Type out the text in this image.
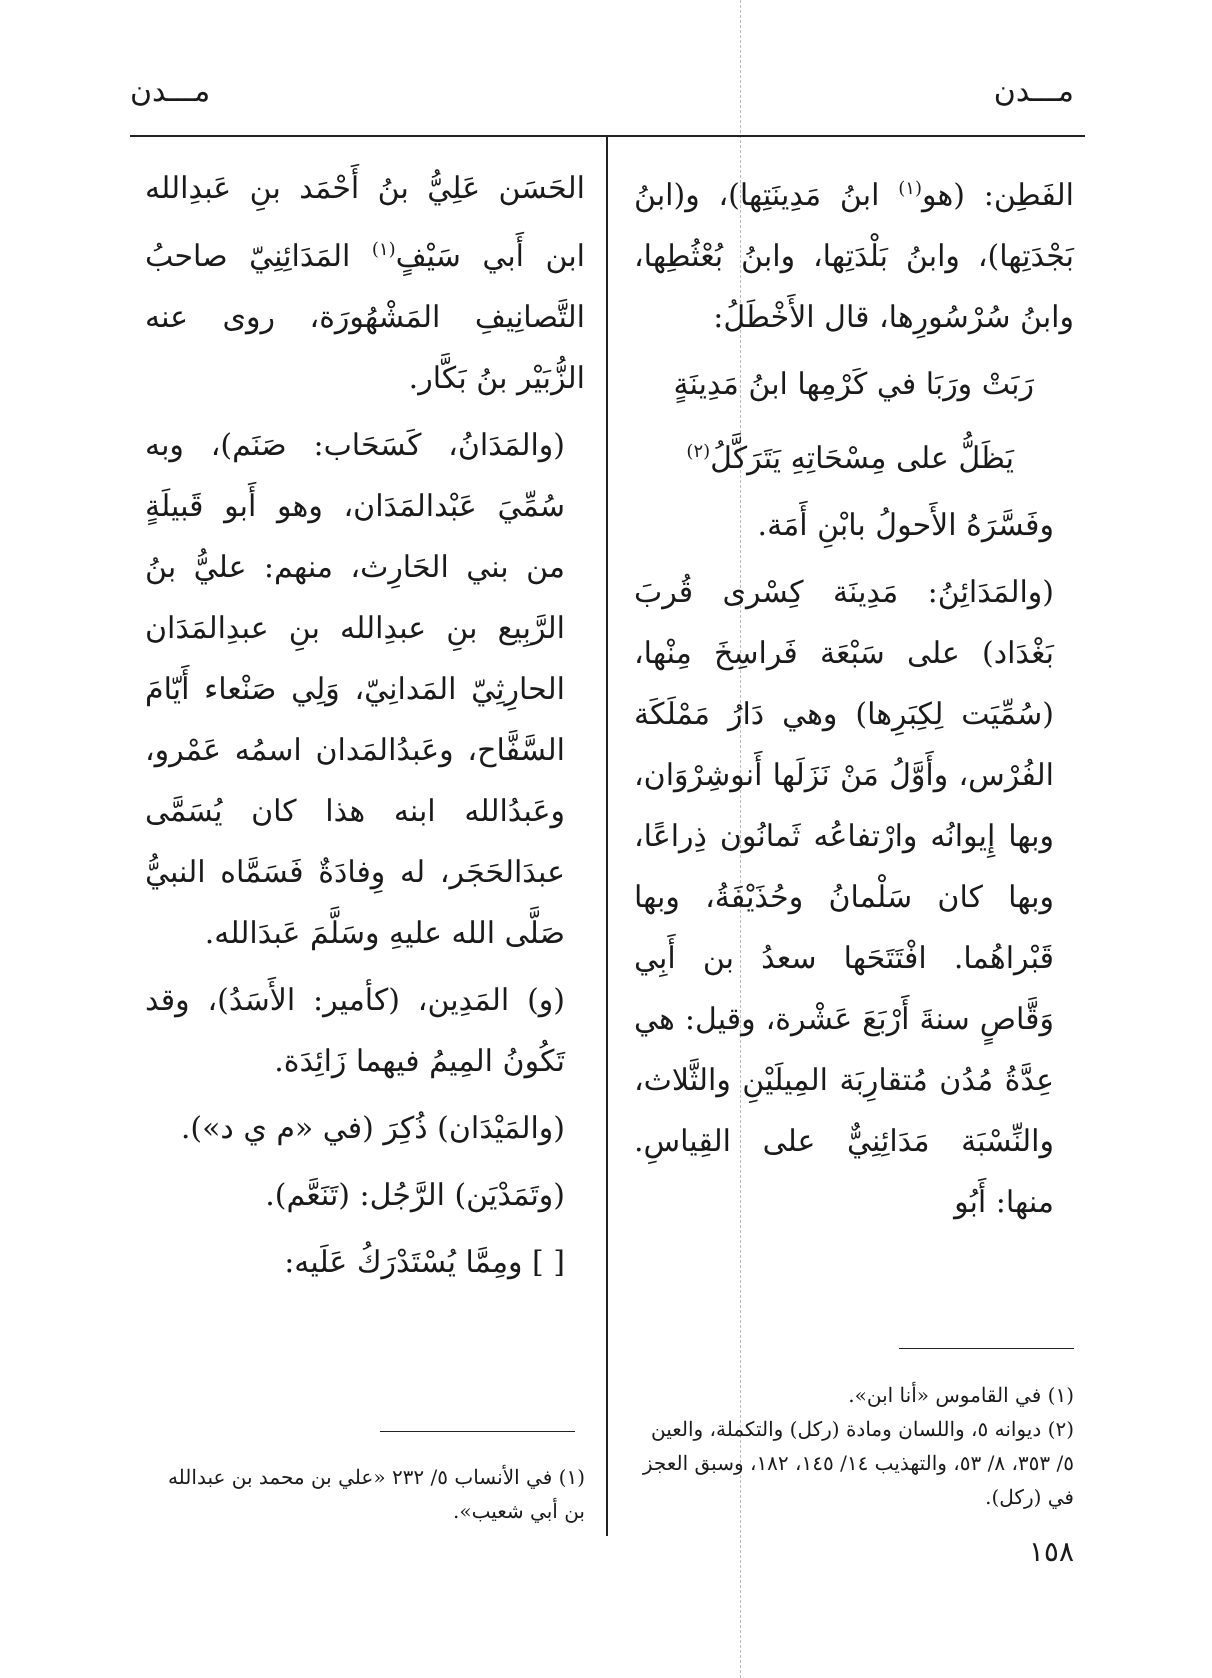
مـــدن
مـــدن

الفَطِن: (هو$^{(١)}$ ابنُ مَدِينَتِها)، و(ابنُ بَجْدَتِها)، وابنُ بَلْدَتِها، وابنُ بُعْثُطِها، وابنُ سُرْسُورِها، قال الأَخْطَلُ:

رَبَتْ ورَبَا في كَرْمِها ابنُ مَدِينَةٍ

يَظَلُّ على مِسْحَاتِهِ يَتَرَكَّلُ$^{(٢)}$

وفَسَّرَهُ الأَحولُ بابْنِ أَمَة.

(والمَدَائِنُ: مَدِينَة كِسْرى قُربَ بَغْدَاد) على سَبْعَة فَراسِخَ مِنْها، (سُمِّيَت لِكِبَرِها) وهي دَارُ مَمْلَكَة الفُرْس، وأَوَّلُ مَنْ نَزَلَها أَنوشِرْوَان، وبها إِيوانُه وارْتفاعُه ثَمانُون ذِراعًا، وبها كان سَلْمانُ وحُذَيْفَةُ، وبها قَبْراهُما. افْتَتَحَها سعدُ بن أَبِي وَقَّاصٍ سنةَ أَرْبَعَ عَشْرة، وقيل: هي عِدَّةُ مُدُن مُتقارِبَة المِيلَيْنِ والثَّلاث، والنِّسْبَة مَدَائِنِيٌّ على القِياسِ. منها: أَبُو

الحَسَن عَلِيُّ بنُ أَحْمَد بنِ عَبدِالله ابن أَبي سَيْفٍ$^{(١)}$ المَدَائِنِيّ صاحبُ التَّصانِيفِ المَشْهُورَة، روى عنه الزُّبَيْر بنُ بَكَّار.

(والمَدَانُ، كَسَحَاب: صَنَم)، وبه سُمِّيَ عَبْدالمَدَان، وهو أَبو قَبيلَةٍ من بني الحَارِث، منهم: عليُّ بنُ الرَّبِيع بنِ عبدِالله بنِ عبدِالمَدَان الحارِثِيّ المَدانِيّ، وَلِي صَنْعاء أَيّامَ السَّفَّاح، وعَبدُالمَدان اسمُه عَمْرو، وعَبدُالله ابنه هذا كان يُسَمَّى عبدَالحَجَر، له وِفادَةٌ فَسَمَّاه النبيُّ صَلَّى الله عليهِ وسَلَّمَ عَبدَالله.

(و) المَدِين، (كأمير: الأَسَدُ)، وقد تَكُونُ المِيمُ فيهما زَائِدَة.

(والمَيْدَان) ذُكِرَ (في «م ي د»).

(وتَمَدْيَن) الرَّجُل: (تَنَعَّم).

[ ] ومِمَّا يُسْتَدْرَكُ عَلَيه:

(١) في القاموس «أنا ابن».

(٢) ديوانه ٥، واللسان ومادة (ركل) والتكملة، والعين ٥/ ٣٥٣، ٨/ ٥٣، والتهذيب ١٤/ ١٤٥، ١٨٢، وسبق العجز في (ركل).

(١) في الأنساب ٥/ ٢٣٢ «علي بن محمد بن عبدالله بن أبي شعيب».

١٥٨
